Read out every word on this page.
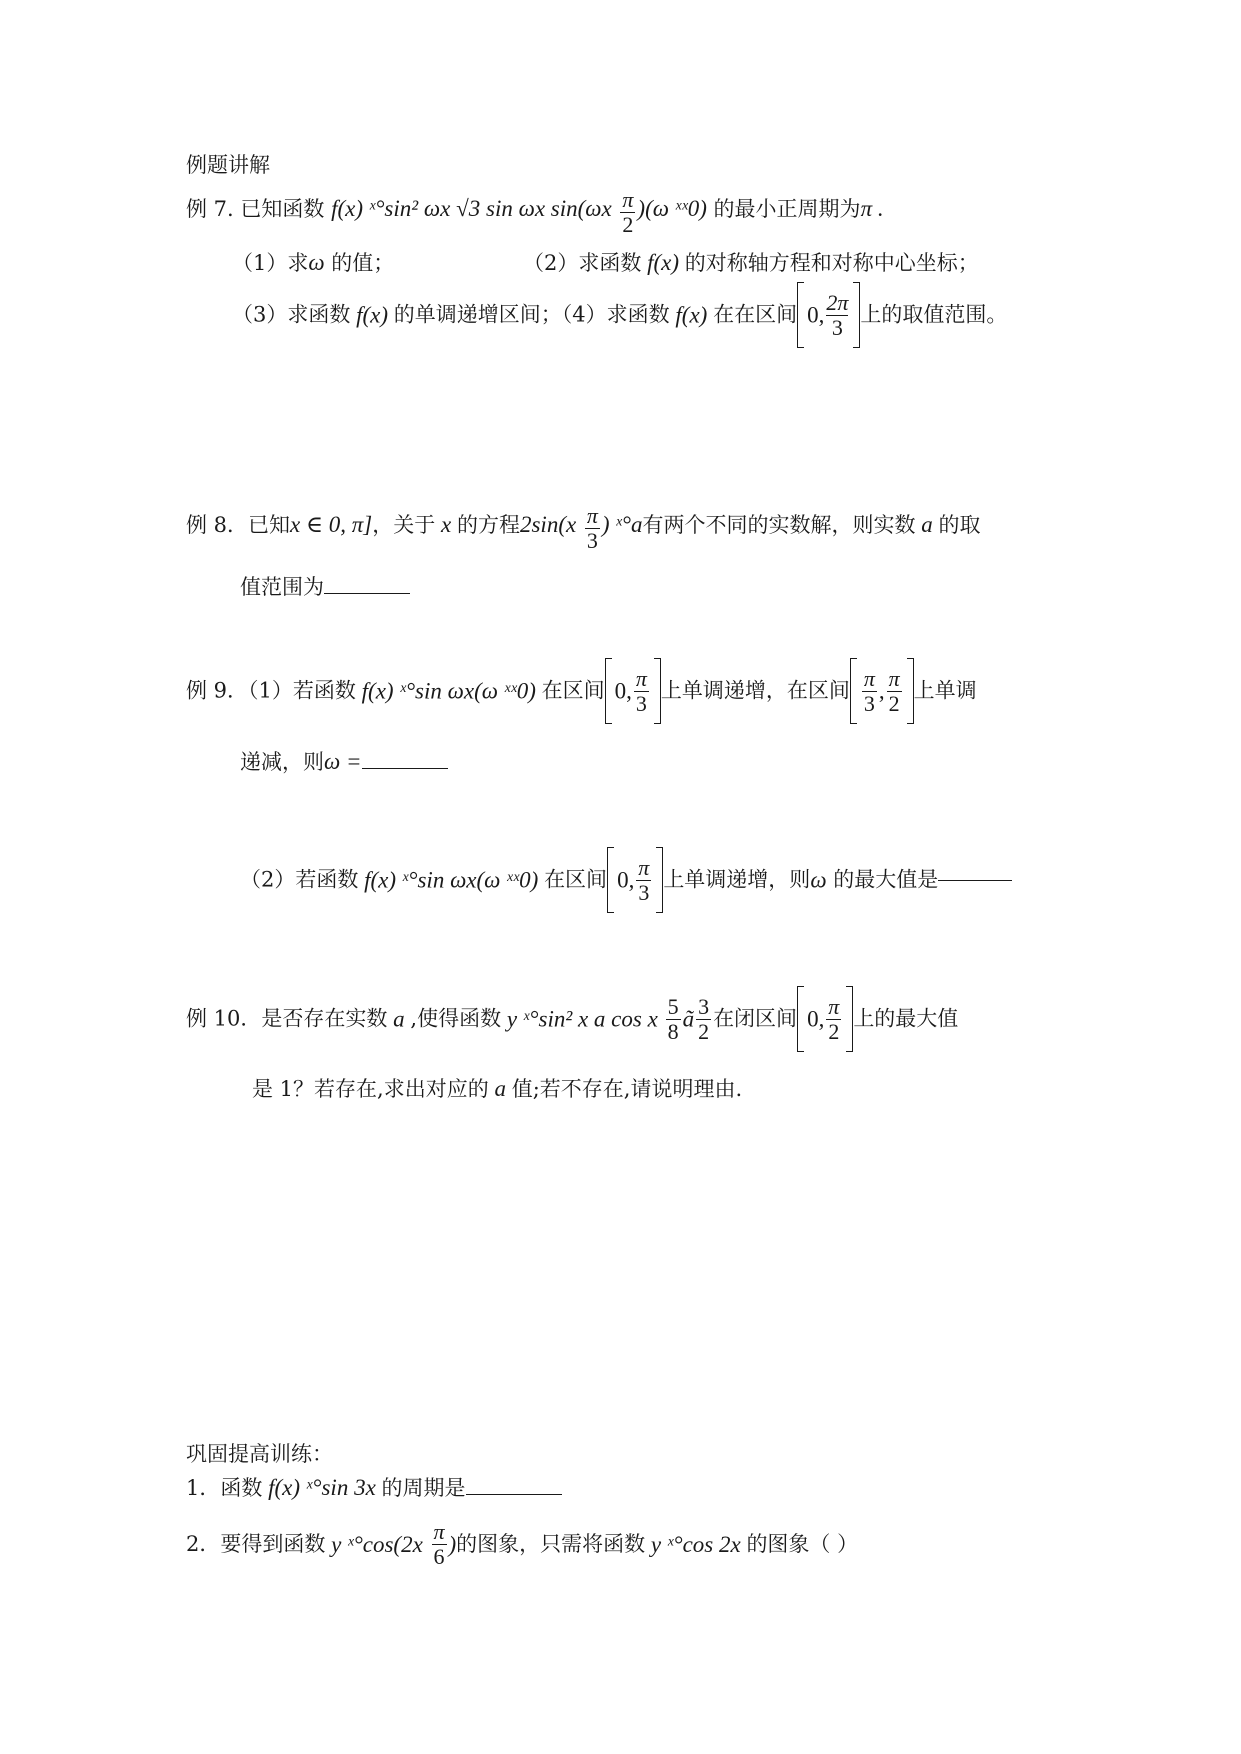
例题讲解
例 7. 已知函数 f(x) ˣ°sin² ωx √3 sin ωx $\sin(\omega x \frac{\pi}{2} )(\omega$ ˣˣ0) 的最小正周期为π .
（1）求ω 的值；	（2）求函数 f(x) 的对称轴方程和对称中心坐标；
（3）求函数 f(x) 的单调递增区间；（4）求函数 f(x) 在在区间 0, $\frac{2\pi}{3}$ 上的取值范围。
例 8．已知x ∈ 0, π]，关于 x 的方程$2\sin(x \frac{\pi}{3}$ ) ˣ°a有两个不同的实数解，则实数 a 的取
值范围为
例 9．（1）若函数 f(x) ˣ°sin ωx(ω ˣˣ0) 在区间 0, $\frac{\pi}{3}$ 上单调递增，在区间 $\frac{\pi}{3}$ , $\frac{\pi}{2}$ 上单调
递减，则ω =
（2）若函数 f(x) ˣ°sin ωx(ω ˣˣ0) 在区间 0, $\frac{\pi}{3}$ 上单调递增，则ω 的最大值是
例 10．是否存在实数 a ,使得函数 y ˣ°sin² x a cos x $\frac{5}{8}$ ã $\frac{3}{2}$ 在闭区间 0, $\frac{\pi}{2}$ 上的最大值
是 1？若存在,求出对应的 a 值;若不存在,请说明理由.
巩固提高训练：
1．函数 f(x) ˣ°sin 3x 的周期是
2．要得到函数 y ˣ°cos(2x $\frac{\pi}{6}$ )的图象，只需将函数 y ˣ°cos 2x 的图象（ ）
